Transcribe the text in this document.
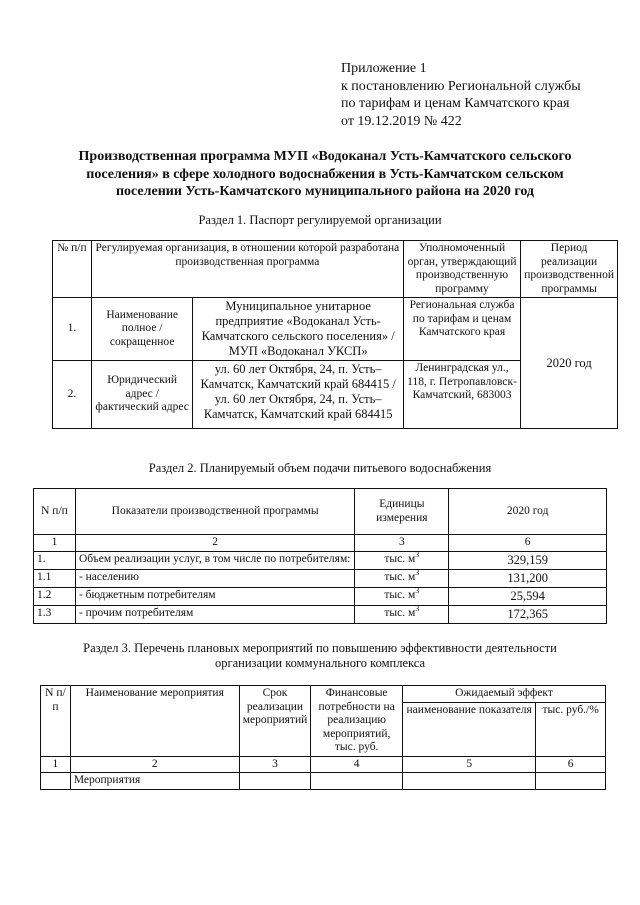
Приложение 1
к постановлению Региональной службы
по тарифам и ценам Камчатского края
от 19.12.2019 № 422
Производственная программа МУП «Водоканал Усть-Камчатского сельского
поселения» в сфере холодного водоснабжения в Усть-Камчатском сельском
поселении Усть-Камчатского муниципального района на 2020 год
Раздел 1. Паспорт регулируемой организации
№ п/п	Регулируемая организация, в отношении которой разработана производственная программа		Уполномоченный орган, утверждающий производственную программу	Период реализации производственной программы
1.	Наименование полное / сокращенное	Муниципальное унитарное предприятие «Водоканал Усть-Камчатского сельского поселения» / МУП «Водоканал УКСП»	Региональная служба по тарифам и ценам Камчатского края	2020 год
2.	Юридический адрес / фактический адрес	ул. 60 лет Октября, 24, п. Усть–Камчатск, Камчатский край 684415 / ул. 60 лет Октября, 24, п. Усть–Камчатск, Камчатский край 684415	Ленинградская ул., 118, г. Петропавловск-Камчатский, 683003	
Раздел 2. Планируемый объем подачи питьевого водоснабжения
N п/п	Показатели производственной программы	Единицы измерения	2020 год
1	2	3	6
1.	Объем реализации услуг, в том числе по потребителям:	тыс. $м^3$	329,159
1.1	- населению	тыс. $м^3$	131,200
1.2	- бюджетным потребителям	тыс. $м^3$	25,594
1.3	- прочим потребителям	тыс. $м^3$	172,365
Раздел 3. Перечень плановых мероприятий по повышению эффективности деятельности
организации коммунального комплекса
N п/п	Наименование мероприятия	Срок реализации мероприятий	Финансовые потребности на реализацию мероприятий, тыс. руб.	Ожидаемый эффект	
				наименование показателя	тыс. руб./%
1	2	3	4	5	6
	Мероприятия				
